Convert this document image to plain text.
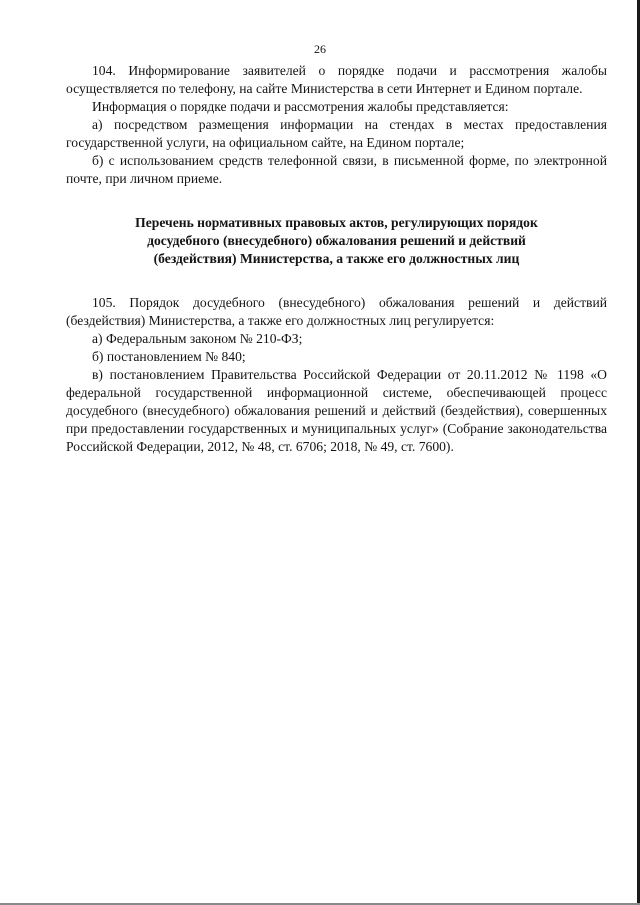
26

104. Информирование заявителей о порядке подачи и рассмотрения жалобы осуществляется по телефону, на сайте Министерства в сети Интернет и Едином портале.

Информация о порядке подачи и рассмотрения жалобы представляется:

а) посредством размещения информации на стендах в местах предоставления государственной услуги, на официальном сайте, на Едином портале;

б) с использованием средств телефонной связи, в письменной форме, по электронной почте, при личном приеме.

Перечень нормативных правовых актов, регулирующих порядок
досудебного (внесудебного) обжалования решений и действий
(бездействия) Министерства, а также его должностных лиц

105. Порядок досудебного (внесудебного) обжалования решений и действий (бездействия) Министерства, а также его должностных лиц регулируется:

а) Федеральным законом № 210-ФЗ;

б) постановлением № 840;

в) постановлением Правительства Российской Федерации от 20.11.2012 № 1198 «О федеральной государственной информационной системе, обеспечивающей процесс досудебного (внесудебного) обжалования решений и действий (бездействия), совершенных при предоставлении государственных и муниципальных услуг» (Собрание законодательства Российской Федерации, 2012, № 48, ст. 6706; 2018, № 49, ст. 7600).
